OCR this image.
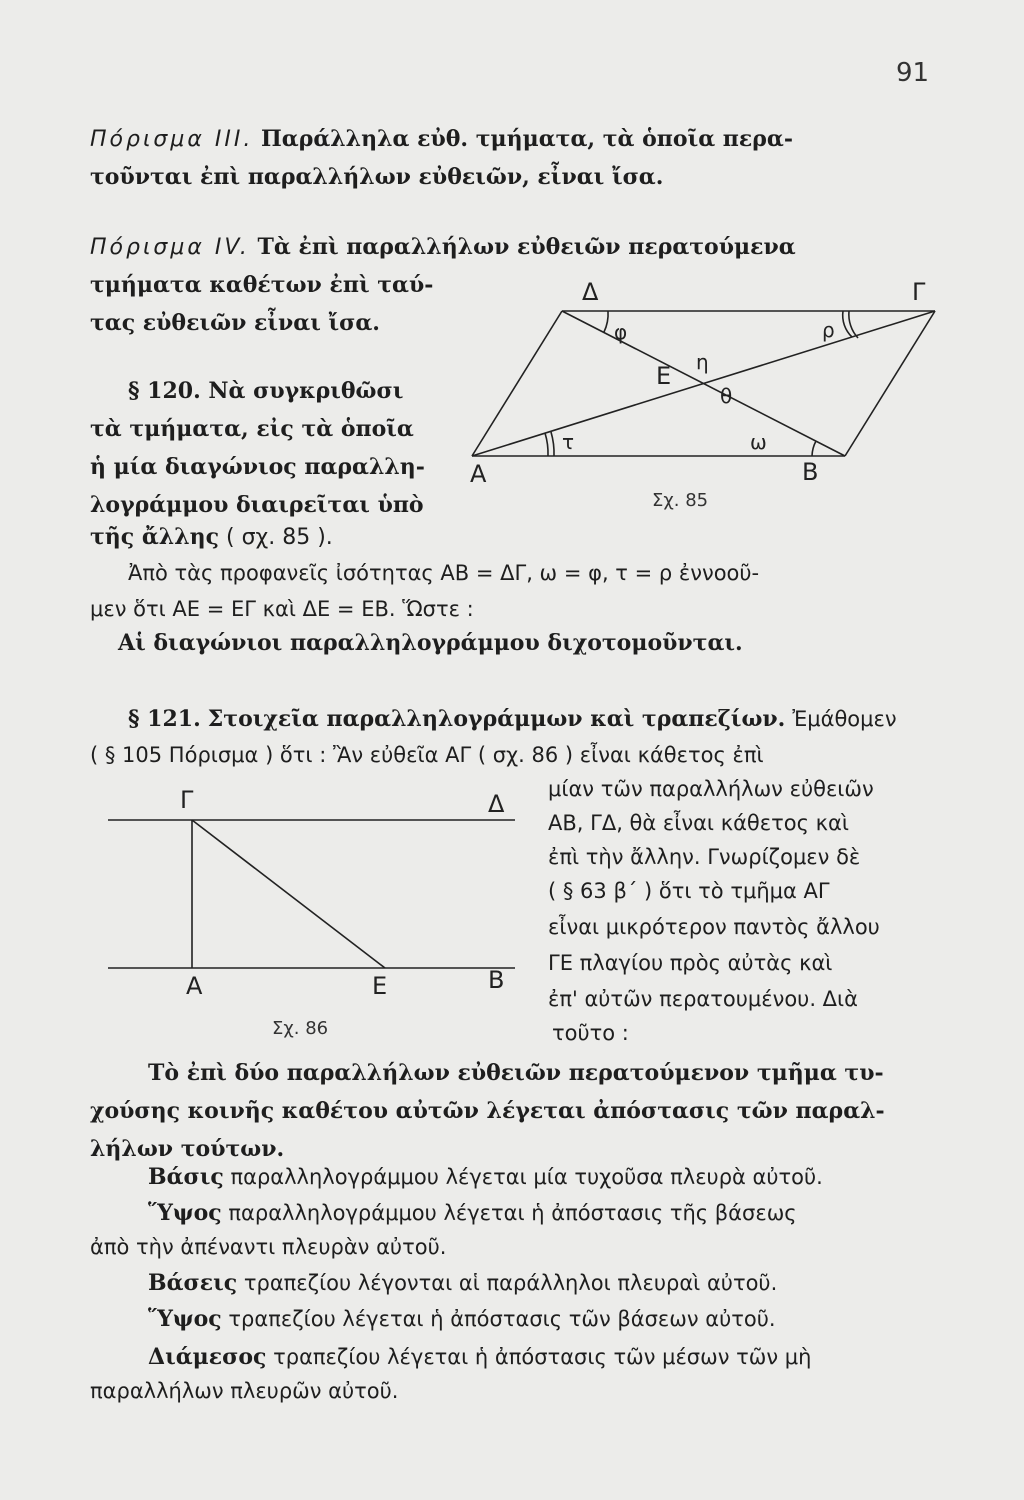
91

Πόρισμα III. Παράλληλα εὐθ. τμήματα, τὰ ὁποῖα περα-

τοῦνται ἐπὶ παραλλήλων εὐθειῶν, εἶναι ἴσα.

Πόρισμα IV. Τὰ ἐπὶ παραλλήλων εὐθειῶν περατούμενα

τμήματα καθέτων ἐπὶ ταύ-

τας εὐθειῶν εἶναι ἴσα.

§ 120. Νὰ συγκριθῶσι

τὰ τμήματα, εἰς τὰ ὁποῖα

ἡ μία διαγώνιος παραλλη-

λογράμμου διαιρεῖται ὑπὸ

τῆς ἄλλης ( σχ. 85 ).

Ἀπὸ τὰς προφανεῖς ἰσότητας ΑΒ = ΔΓ, ω = φ, τ = ρ ἐννοοῦ-

μεν ὅτι ΑΕ = ΕΓ καὶ ΔΕ = ΕΒ. Ὥστε :

Αἱ διαγώνιοι παραλληλογράμμου διχοτομοῦνται.

Δ	Γ
φ	ρ
η
Ε
θ
τ	ω
Α	Β
Σχ. 85

§ 121. Στοιχεῖα παραλληλογράμμων καὶ τραπεζίων. Ἐμάθομεν

( § 105 Πόρισμα ) ὅτι : Ἂν εὐθεῖα ΑΓ ( σχ. 86 ) εἶναι κάθετος ἐπὶ

μίαν τῶν παραλλήλων εὐθειῶν

ΑΒ, ΓΔ, θὰ εἶναι κάθετος καὶ

ἐπὶ τὴν ἄλλην. Γνωρίζομεν δὲ

( § 63 β΄ ) ὅτι τὸ τμῆμα ΑΓ

εἶναι μικρότερον παντὸς ἄλλου

ΓΕ πλαγίου πρὸς αὐτὰς καὶ

ἐπ' αὐτῶν περατουμένου. Διὰ

τοῦτο :

Γ	Δ
Α	Ε	Β
Σχ. 86

Τὸ ἐπὶ δύο παραλλήλων εὐθειῶν περατούμενον τμῆμα τυ-

χούσης κοινῆς καθέτου αὐτῶν λέγεται ἀπόστασις τῶν παραλ-

λήλων τούτων.

Βάσις παραλληλογράμμου λέγεται μία τυχοῦσα πλευρὰ αὐτοῦ.

Ὕψος παραλληλογράμμου λέγεται ἡ ἀπόστασις τῆς βάσεως

ἀπὸ τὴν ἀπέναντι πλευρὰν αὐτοῦ.

Βάσεις τραπεζίου λέγονται αἱ παράλληλοι πλευραὶ αὐτοῦ.

Ὕψος τραπεζίου λέγεται ἡ ἀπόστασις τῶν βάσεων αὐτοῦ.

Διάμεσος τραπεζίου λέγεται ἡ ἀπόστασις τῶν μέσων τῶν μὴ

παραλλήλων πλευρῶν αὐτοῦ.
